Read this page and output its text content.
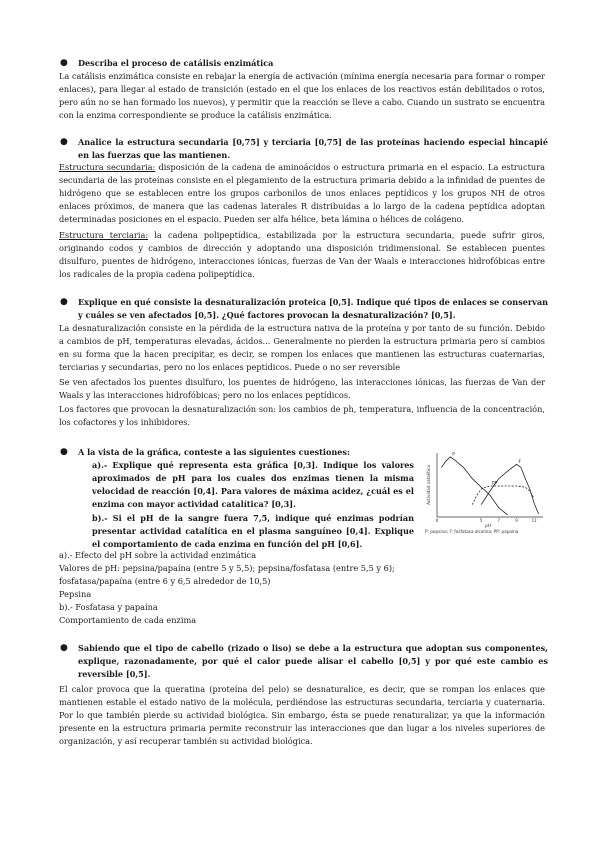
● Describa el proceso de catálisis enzimática

La catálisis enzimática consiste en rebajar la energía de activación (mínima energía necesaria para formar o romper enlaces), para llegar al estado de transición (estado en el que los enlaces de los reactivos están debilitados o rotos, pero aún no se han formado los nuevos), y permitir que la reacción se lleve a cabo. Cuando un sustrato se encuentra con la enzima correspondiente se produce la catálisis enzimática.

● Analice la estructura secundaria [0,75] y terciaria [0,75] de las proteínas haciendo especial hincapié en las fuerzas que las mantienen.

Estructura secundaria: disposición de la cadena de aminoácidos o estructura primaria en el espacio. La estructura secundaria de las proteínas consiste en el plegamiento de la estructura primaria debido a la infinidad de puentes de hidrógeno que se establecen entre los grupos carbonilos de unos enlaces peptídicos y los grupos NH de otros enlaces próximos, de manera que las cadenas laterales R distribuidas a lo largo de la cadena peptídica adoptan determinadas posiciones en el espacio. Pueden ser alfa hélice, beta lámina o hélices de colágeno.

Estructura terciaria: la cadena polipeptídica, estabilizada por la estructura secundaria, puede sufrir giros, originando codos y cambios de dirección y adoptando una disposición tridimensional. Se establecen puentes disulfuro, puentes de hidrógeno, interacciones iónicas, fuerzas de Van der Waals e interacciones hidrofóbicas entre los radicales de la propia cadena polipeptídica.

● Explique en qué consiste la desnaturalización proteica [0,5]. Indique qué tipos de enlaces se conservan y cuáles se ven afectados [0,5]. ¿Qué factores provocan la desnaturalización? [0,5].

La desnaturalización consiste en la pérdida de la estructura nativa de la proteína y por tanto de su función. Debido a cambios de pH, temperaturas elevadas, ácidos... Generalmente no pierden la estructura primaria pero sí cambios en su forma que la hacen precipitar, es decir, se rompen los enlaces que mantienen las estructuras cuaternarias, terciarias y secundarias, pero no los enlaces peptídicos. Puede o no ser reversible

Se ven afectados los puentes disulfuro, los puentes de hidrógeno, las interacciones iónicas, las fuerzas de Van der Waals y las interacciones hidrofóbicas; pero no los enlaces peptídicos.

Los factores que provocan la desnaturalización son: los cambios de ph, temperatura, influencia de la concentración, los cofactores y los inhibidores.

● A la vista de la gráfica, conteste a las siguientes cuestiones:

a).- Explique qué representa esta gráfica [0,3]. Indique los valores aproximados de pH para los cuales dos enzimas tienen la misma velocidad de reacción [0,4]. Para valores de máxima acidez, ¿cuál es el enzima con mayor actividad catalítica? [0,3].

b).- Si el pH de la sangre fuera 7,5, indique qué enzimas podrían presentar actividad catalítica en el plasma sanguíneo [0,4]. Explique el comportamiento de cada enzima en función del pH [0,6].

Actividad catalítica
pH
0	5	7	9	11
P
F
PP
P: pepsina; F: fosfatasa alcalina; PP: papaína

a).- Efecto del pH sobre la actividad enzimática

Valores de pH: pepsina/papaína (entre 5 y 5,5); pepsina/fosfatasa (entre 5,5 y 6);

fosfatasa/papaína (entre 6 y 6,5 alrededor de 10,5)

Pepsina

b).- Fosfatasa y papaína

Comportamiento de cada enzima

● Sabiendo que el tipo de cabello (rizado o liso) se debe a la estructura que adoptan sus componentes, explique, razonadamente, por qué el calor puede alisar el cabello [0,5] y por qué este cambio es reversible [0,5].

El calor provoca que la queratina (proteína del pelo) se desnaturalice, es decir, que se rompan los enlaces que mantienen estable el estado nativo de la molécula, perdiéndose las estructuras secundaria, terciaria y cuaternaria. Por lo que también pierde su actividad biológica. Sin embargo, ésta se puede renaturalizar, ya que la información presente en la estructura primaria permite reconstruir las interacciones que dan lugar a los niveles superiores de organización, y así recuperar también su actividad biológica.
